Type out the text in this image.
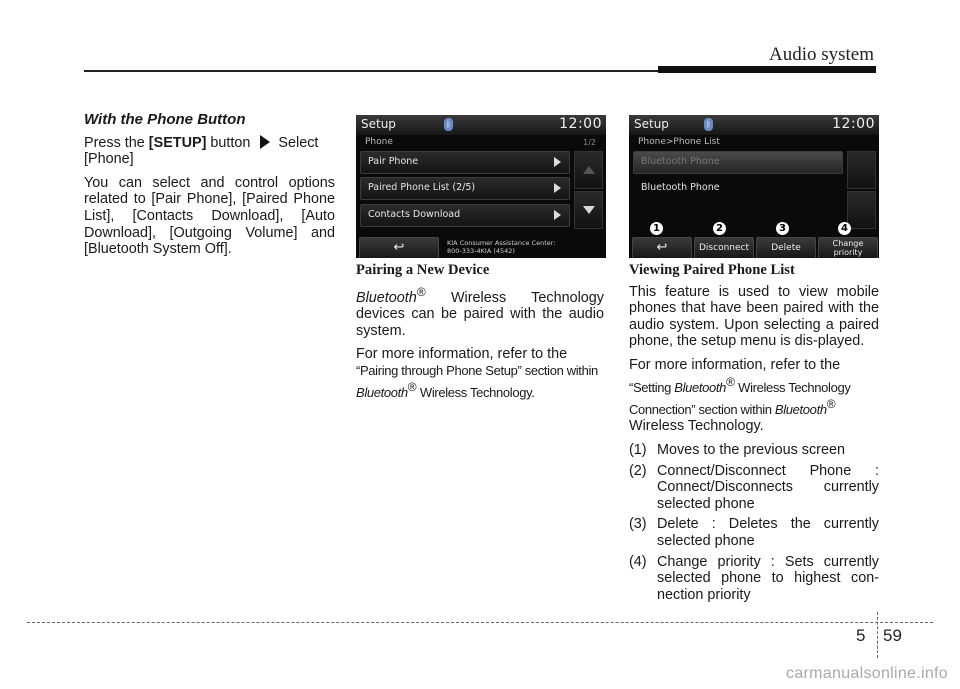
Audio system

With the Phone Button

Press the [SETUP] button  Select [Phone]

You can select and control options related to [Pair Phone], [Paired Phone List], [Contacts Download], [Auto Download], [Outgoing Volume] and [Bluetooth System Off].

Setup	ᛒ	12:00
Phone	1/2
Pair Phone
Paired Phone List (2/5)
Contacts Download
↩	KIA Consumer Assistance Center:
800-333-4KIA (4542)
Setup	ᛒ	12:00
Phone>Phone List
Bluetooth Phone
Bluetooth Phone
1	2	3	4
↩	Disconnect	Delete	Change
priority

Pairing a New Device

Bluetooth® Wireless Technology devices can be paired with the audio system.

For more information, refer to the “Pairing through Phone Setup” section within Bluetooth® Wireless Technology.

Viewing Paired Phone List

This feature is used to view mobile phones that have been paired with the audio system. Upon selecting a paired phone, the setup menu is dis-played.

For more information, refer to the “Setting Bluetooth® Wireless Technology Connection” section within Bluetooth®
Wireless Technology.

(1) Moves to the previous screen
(2) Connect/Disconnect Phone : Connect/Disconnects currently selected phone
(3) Delete : Deletes the currently selected phone
(4) Change priority : Sets currently selected phone to highest con-nection priority
5 59
carmanualsonline.info
